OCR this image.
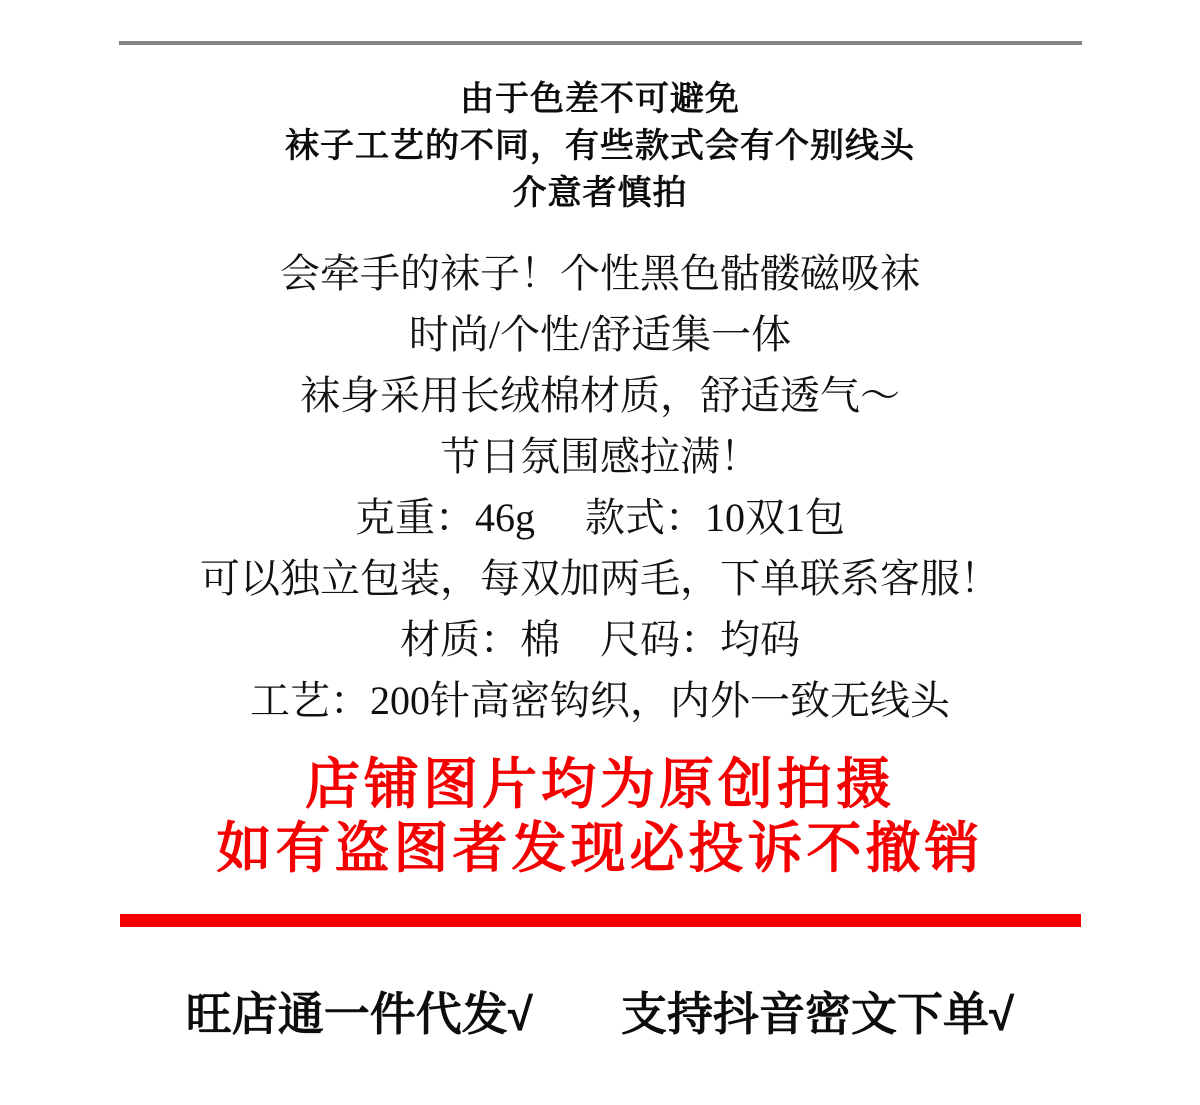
由于色差不可避免
袜子工艺的不同，有些款式会有个别线头
介意者慎拍
会牵手的袜子！个性黑色骷髅磁吸袜
时尚/个性/舒适集一体
袜身采用长绒棉材质，舒适透气～
节日氛围感拉满！
克重：46g　 款式：10双1包
可以独立包装，每双加两毛，下单联系客服！
材质：棉　尺码：均码
工艺：200针高密钩织，内外一致无线头
店铺图片均为原创拍摄
如有盗图者发现必投诉不撤销
旺店通一件代发√ 支持抖音密文下单√
